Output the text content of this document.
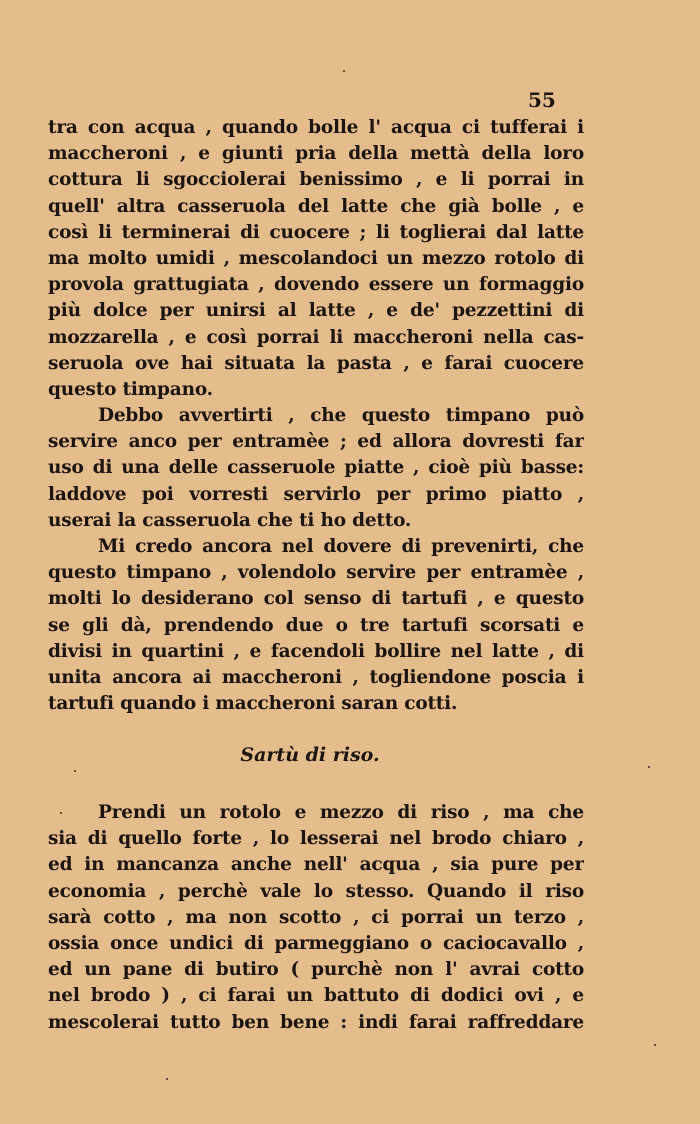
55
tra con acqua , quando bolle l' acqua ci tufferai i
maccheroni , e giunti pria della mettà della loro
cottura li sgocciolerai benissimo , e li porrai in
quell' altra casseruola del latte che già bolle , e
così li terminerai di cuocere ; li toglierai dal latte
ma molto umidi , mescolandoci un mezzo rotolo di
provola grattugiata , dovendo essere un formaggio
più dolce per unirsi al latte , e de' pezzettini di
mozzarella , e così porrai li maccheroni nella cas-
seruola ove hai situata la pasta , e farai cuocere
questo timpano.
Debbo avvertirti , che questo timpano può
servire anco per entramèe ; ed allora dovresti far
uso di una delle casseruole piatte , cioè più basse:
laddove poi vorresti servirlo per primo piatto ,
userai la casseruola che ti ho detto.
Mi credo ancora nel dovere di prevenirti, che
questo timpano , volendolo servire per entramèe ,
molti lo desiderano col senso di tartufi , e questo
se gli dà, prendendo due o tre tartufi scorsati e
divisi in quartini , e facendoli bollire nel latte , di
unita ancora ai maccheroni , togliendone poscia i
tartufi quando i maccheroni saran cotti.
Sartù di riso.
Prendi un rotolo e mezzo di riso , ma che
sia di quello forte , lo lesserai nel brodo chiaro ,
ed in mancanza anche nell' acqua , sia pure per
economia , perchè vale lo stesso. Quando il riso
sarà cotto , ma non scotto , ci porrai un terzo ,
ossia once undici di parmeggiano o caciocavallo ,
ed un pane di butiro ( purchè non l' avrai cotto
nel brodo ) , ci farai un battuto di dodici ovi , e
mescolerai tutto ben bene : indi farai raffreddare
